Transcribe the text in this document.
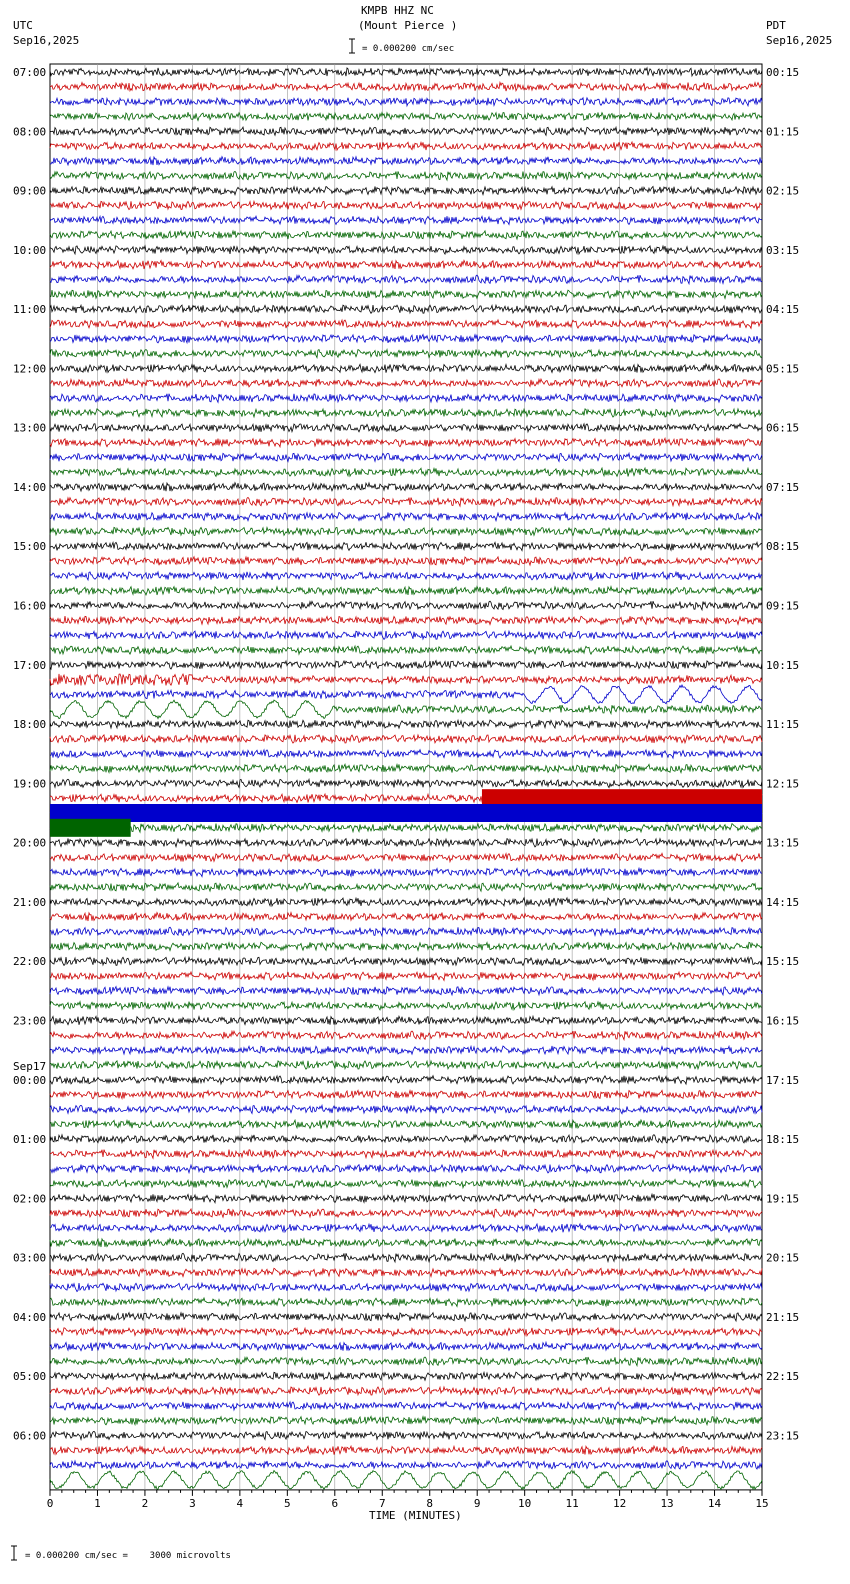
KMPB HHZ NC
(Mount Pierce )
UTC
Sep16,2025
PDT
Sep16,2025
= 0.000200 cm/sec
= 0.000200 cm/sec =    3000 microvolts
TIME (MINUTES)
07:00
08:00
09:00
10:00
11:00
12:00
13:00
14:00
15:00
16:00
17:00
18:00
19:00
20:00
21:00
22:00
23:00
00:00
Sep17
01:00
02:00
03:00
04:00
05:00
06:00
00:15
01:15
02:15
03:15
04:15
05:15
06:15
07:15
08:15
09:15
10:15
11:15
12:15
13:15
14:15
15:15
16:15
17:15
18:15
19:15
20:15
21:15
22:15
23:15
0	1	2	3	4	5	6	7	8	9	10	11	12	13	14	15
